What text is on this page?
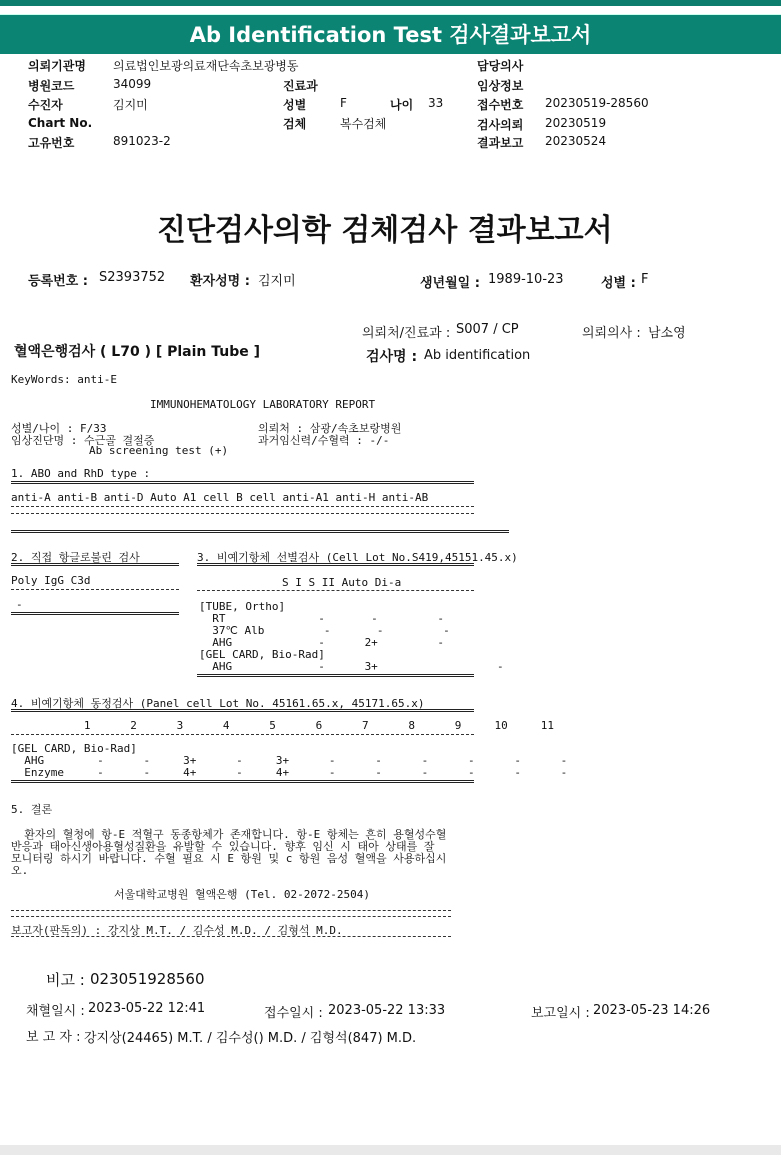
Ab Identification Test 검사결과보고서
의뢰기관명 의료법인보광의료재단속초보광병동	담당의사
병원코드	34099	진료과	임상정보
수진자	김지미	성별	F	나이 33	접수번호 20230519-28560
Chart No.	검체	복수검체	검사의뢰 20230519
고유번호	891023-2	결과보고 20230524
진단검사의학 검체검사 결과보고서
등록번호 : S2393752 환자성명 : 김지미	생년월일 : 1989-10-23	성별 : F
의뢰처/진료과 : S007 / CP	의뢰의사 : 남소영
혈액은행검사 ( L70 ) [ Plain Tube ]	검사명 : Ab identification
KeyWords: anti-E
IMMUNOHEMATOLOGY LABORATORY REPORT
성별/나이 : F/33	의뢰처 : 삼광/속초보랑병원
임상진단명 : 수근골 결절증	과거임신력/수혈력 : -/-
Ab screening test (+)
1. ABO and RhD type :
anti-A anti-B anti-D Auto A1 cell B cell anti-A1 anti-H anti-AB
2. 직접 항글로불린 검사	3. 비예기항체 선별검사 (Cell Lot No.S419,45151.45.x)
Poly IgG C3d	S I S II Auto Di-a
-	[TUBE, Ortho]
RT              -       -         -
37℃ Alb         -       -         -
AHG             -      2+         -
[GEL CARD, Bio-Rad]
AHG             -      3+                  -
4. 비예기항체 동정검사 (Panel cell Lot No. 45161.65.x, 45171.65.x)
1      2      3      4      5      6      7      8      9     10     11
[GEL CARD, Bio-Rad]
AHG        -      -     3+      -     3+      -      -      -      -      -      -
Enzyme     -      -     4+      -     4+      -      -      -      -      -      -
5. 결론
환자의 혈청에 항-E 적혈구 동종항체가 존재합니다. 항-E 항체는 흔히 용혈성수혈
반응과 태아신생아용혈성질환을 유발할 수 있습니다. 향후 임신 시 태아 상태를 잘
모니터링 하시기 바랍니다. 수혈 필요 시 E 항원 및 c 항원 음성 혈액을 사용하십시
오.
서울대학교병원 혈액은행 (Tel. 02-2072-2504)
보고자(판독의) : 강지상 M.T. / 김수성 M.D. / 김형석 M.D.
비고 : 023051928560
채혈일시 : 2023-05-22 12:41	접수일시 : 2023-05-22 13:33	보고일시 : 2023-05-23 14:26
보 고 자 : 강지상(24465) M.T. / 김수성() M.D. / 김형석(847) M.D.
